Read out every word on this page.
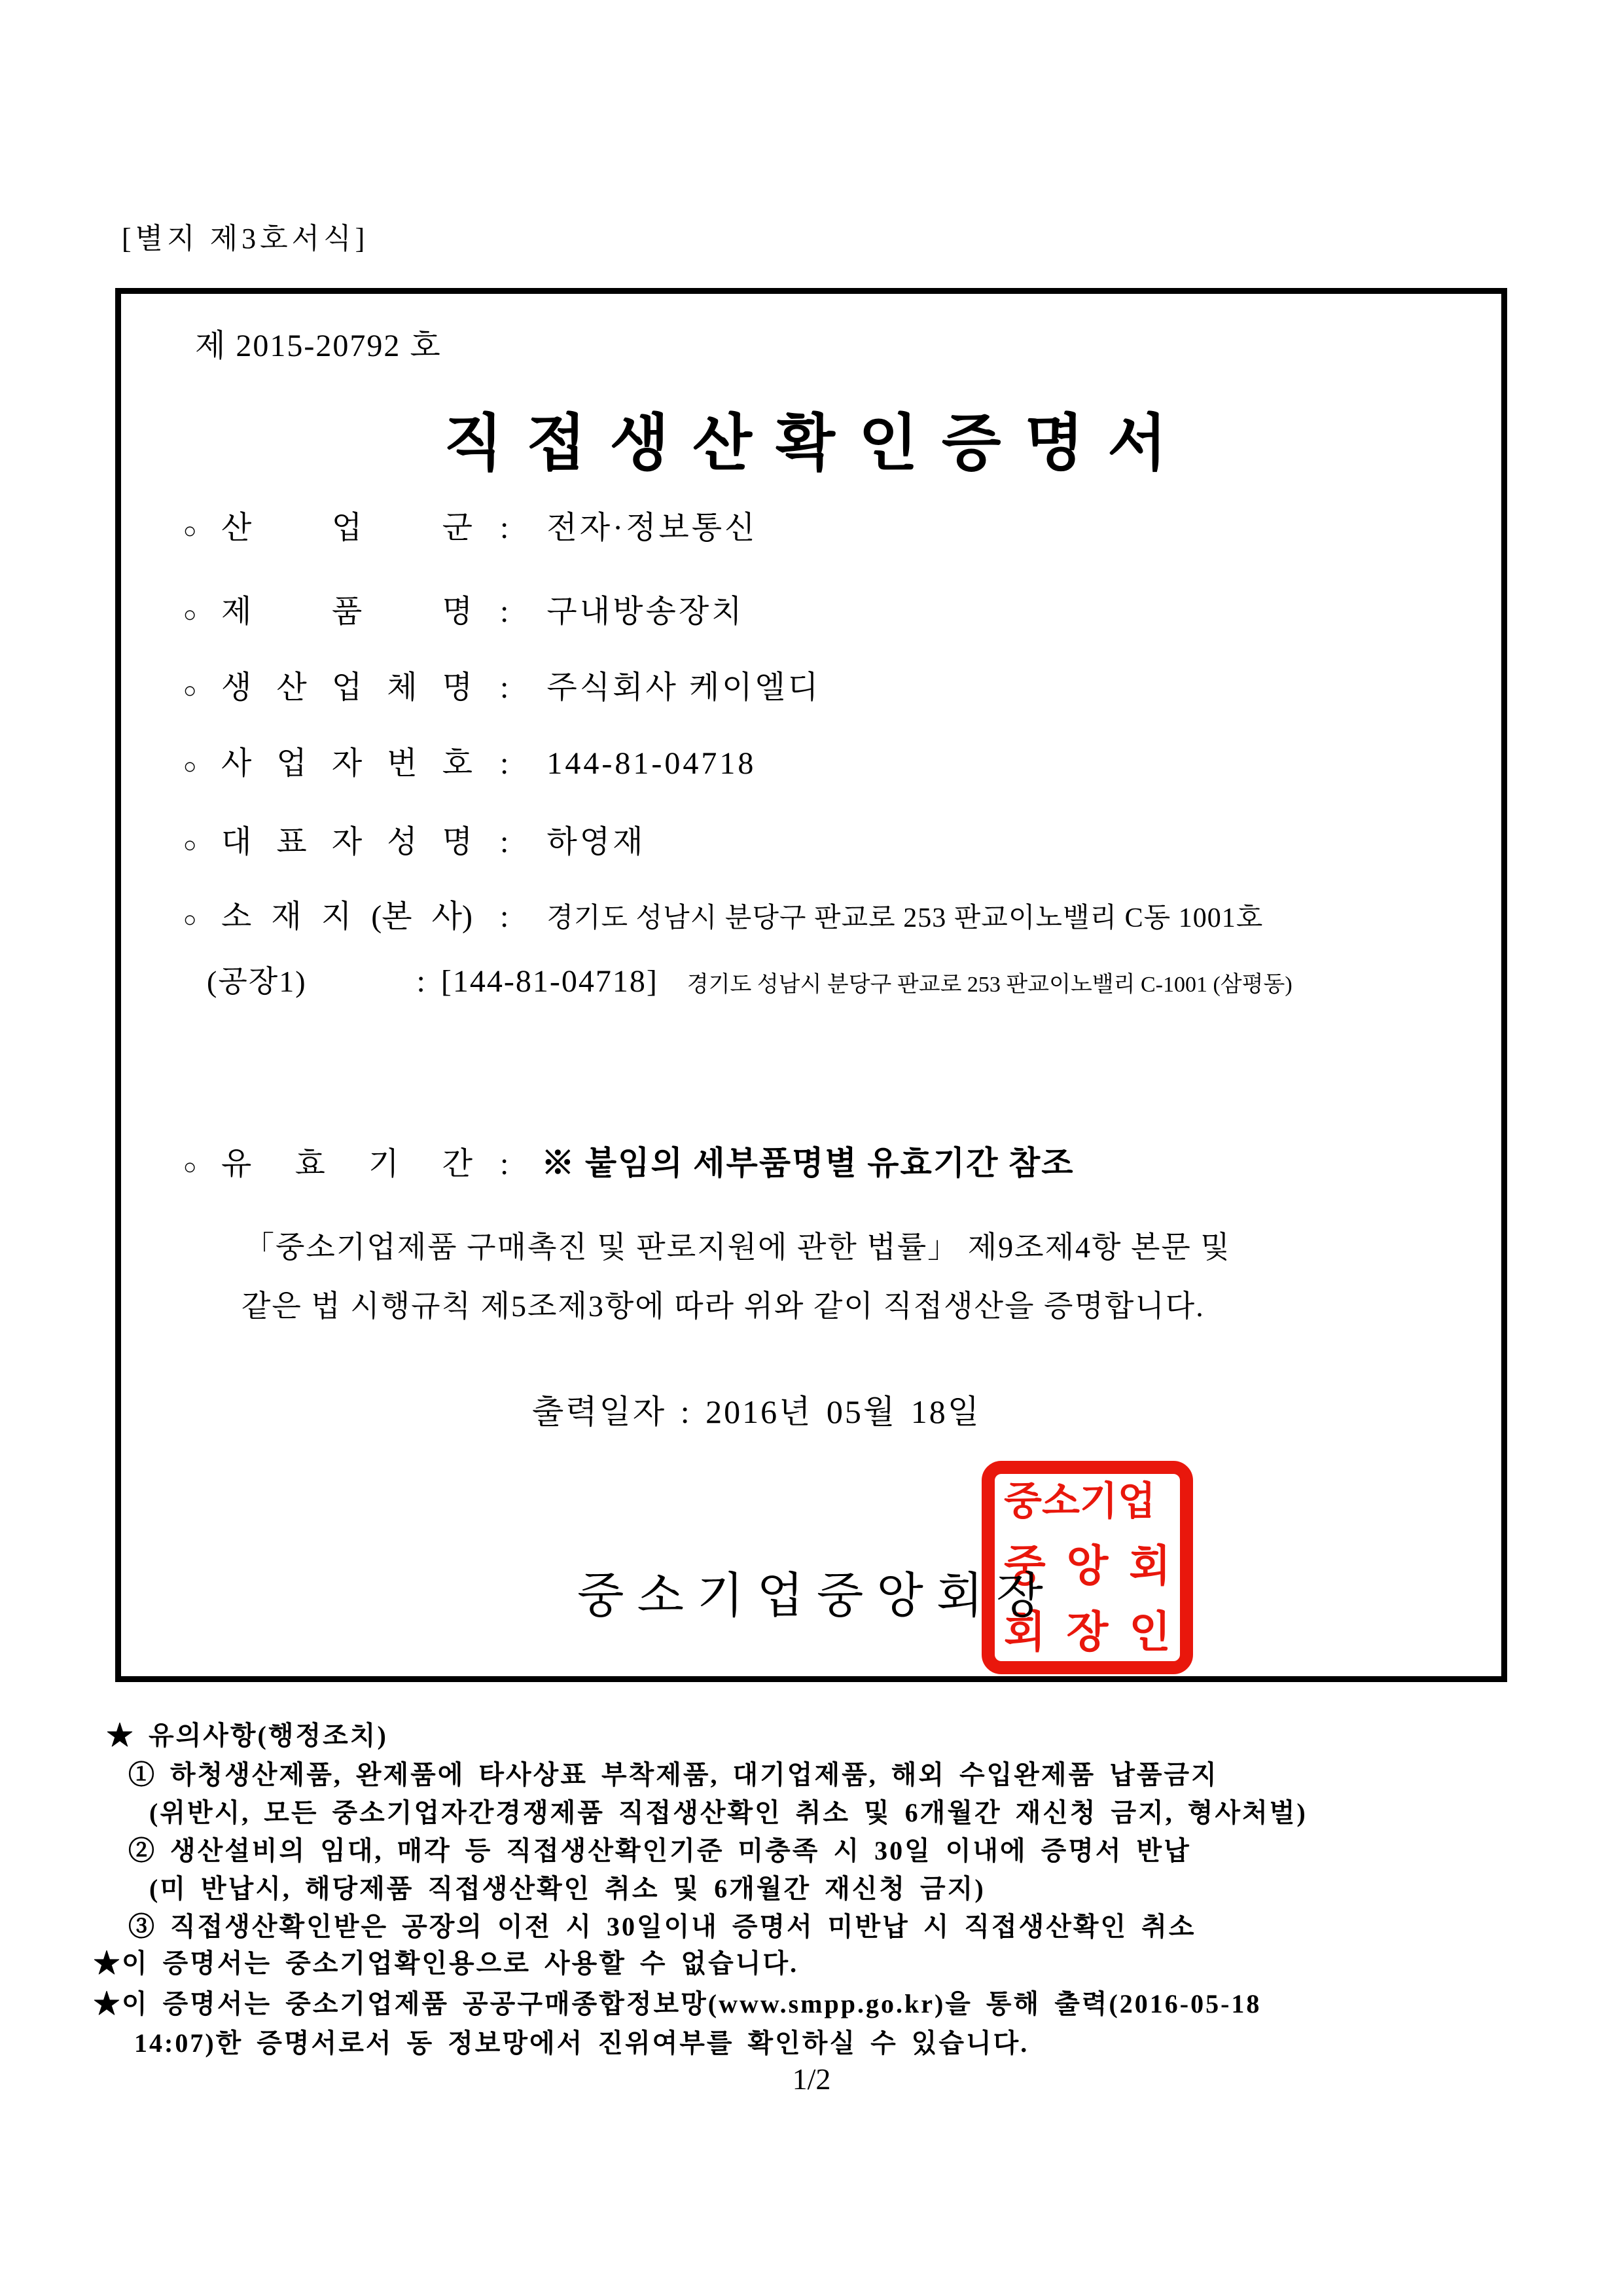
[별지 제3호서식]
제 2015-20792 호
직접생산확인증명서
○ 산 업 군 : 전자·정보통신
○ 제 품 명 : 구내방송장치
○ 생 산 업 체 명 : 주식회사 케이엘디
○ 사 업 자 번 호 : 144-81-04718
○ 대 표 자 성 명 : 하영재
○ 소 재 지 (본 사) : 경기도 성남시 분당구 판교로 253 판교이노밸리 C동 1001호
(공장1)	: [144-81-04718] 경기도 성남시 분당구 판교로 253 판교이노밸리 C-1001 (삼평동)
○ 유 효 기 간 : ※ 붙임의 세부품명별 유효기간 참조
「중소기업제품 구매촉진 및 판로지원에 관한 법률」 제9조제4항 본문 및
같은 법 시행규칙 제5조제3항에 따라 위와 같이 직접생산을 증명합니다.
출력일자 : 2016년 05월 18일
중소기업중앙회장
중소기업
중 앙 회
회 장 인
★ 유의사항(행정조치)
① 하청생산제품, 완제품에 타사상표 부착제품, 대기업제품, 해외 수입완제품 납품금지
(위반시, 모든 중소기업자간경쟁제품 직접생산확인 취소 및 6개월간 재신청 금지, 형사처벌)
② 생산설비의 임대, 매각 등 직접생산확인기준 미충족 시 30일 이내에 증명서 반납
(미 반납시, 해당제품 직접생산확인 취소 및 6개월간 재신청 금지)
③ 직접생산확인받은 공장의 이전 시 30일이내 증명서 미반납 시 직접생산확인 취소
★이 증명서는 중소기업확인용으로 사용할 수 없습니다.
★이 증명서는 중소기업제품 공공구매종합정보망(www.smpp.go.kr)을 통해 출력(2016-05-18
14:07)한 증명서로서 동 정보망에서 진위여부를 확인하실 수 있습니다.
1/2
